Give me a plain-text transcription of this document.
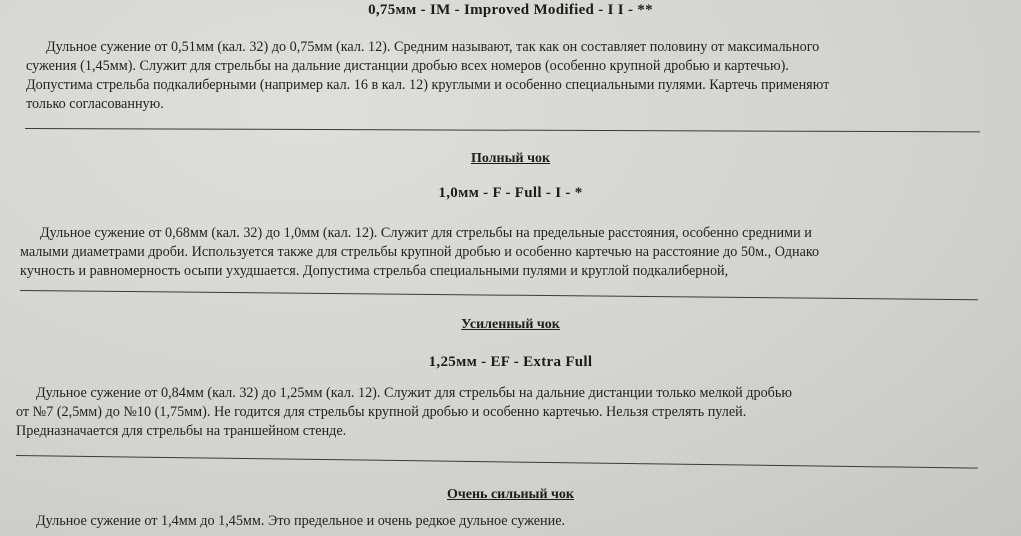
0,75мм - IM - Improved Modified - I I - **
Дульное сужение от 0,51мм (кал. 32) до 0,75мм (кал. 12). Средним называют, так как он составляет половину от максимального
сужения (1,45мм). Служит для стрельбы на дальние дистанции дробью всех номеров (особенно крупной дробью и картечью).
Допустима стрельба подкалиберными (например кал. 16 в кал. 12) круглыми и особенно специальными пулями. Картечь применяют
только согласованную.
Полный чок
1,0мм - F - Full - I - *
Дульное сужение от 0,68мм (кал. 32) до 1,0мм (кал. 12). Служит для стрельбы на предельные расстояния, особенно средними и
малыми диаметрами дроби. Используется также для стрельбы крупной дробью и особенно картечью на расстояние до 50м., Однако
кучность и равномерность осыпи ухудшается. Допустима стрельба специальными пулями и круглой подкалиберной,
Усиленный чок
1,25мм - EF - Extra Full
Дульное сужение от 0,84мм (кал. 32) до 1,25мм (кал. 12). Служит для стрельбы на дальние дистанции только мелкой дробью
от №7 (2,5мм) до №10 (1,75мм). Не годится для стрельбы крупной дробью и особенно картечью. Нельзя стрелять пулей.
Предназначается для стрельбы на траншейном стенде.
Очень сильный чок
Дульное сужение от 1,4мм до 1,45мм. Это предельное и очень редкое дульное сужение.
